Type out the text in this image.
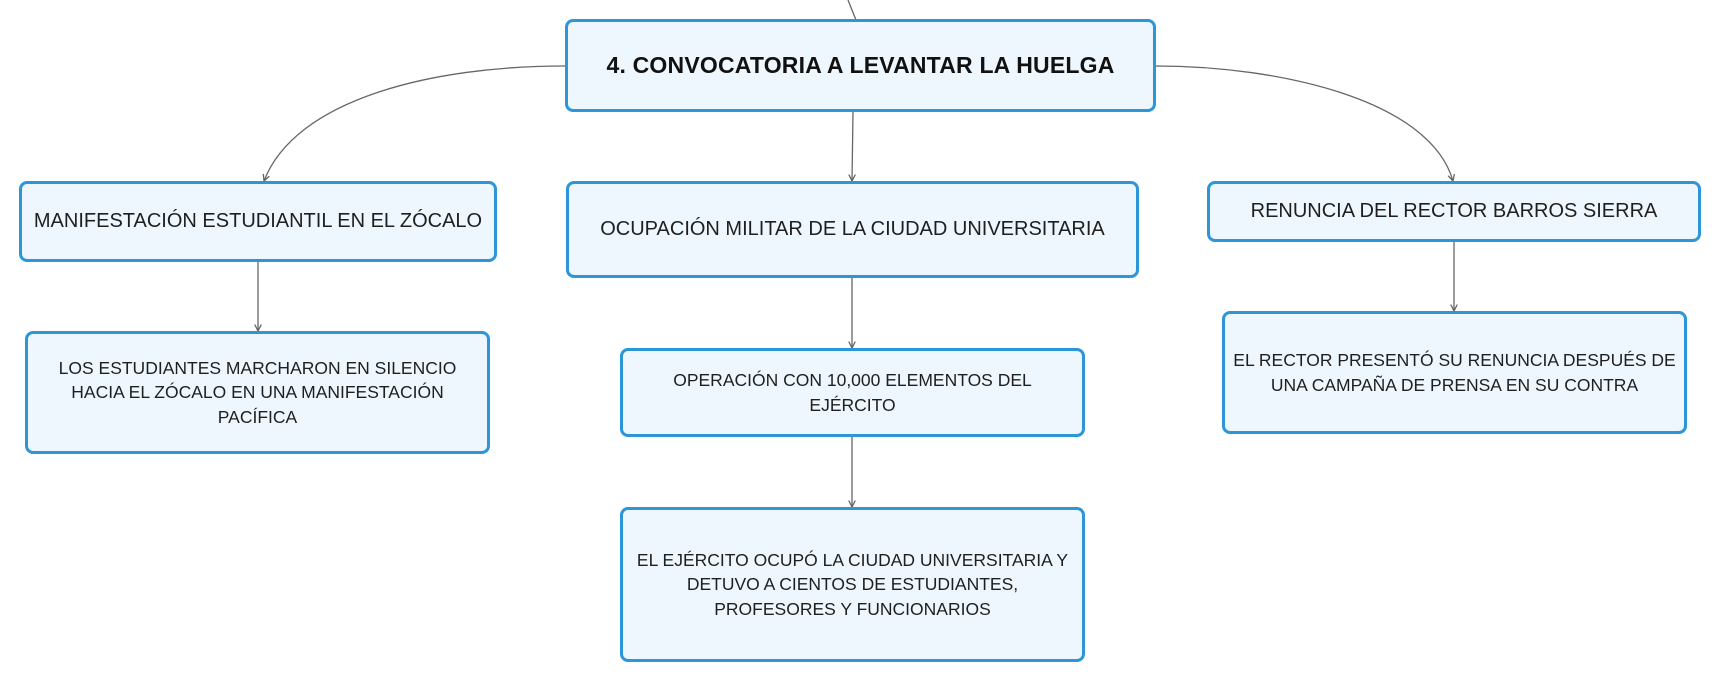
4. CONVOCATORIA A LEVANTAR LA HUELGA
MANIFESTACIÓN ESTUDIANTIL EN EL ZÓCALO	OCUPACIÓN MILITAR DE LA CIUDAD UNIVERSITARIA
RENUNCIA DEL RECTOR BARROS SIERRA
LOS ESTUDIANTES MARCHARON EN SILENCIO HACIA EL ZÓCALO EN UNA MANIFESTACIÓN PACÍFICA
OPERACIÓN CON 10,000 ELEMENTOS DEL EJÉRCITO
EL EJÉRCITO OCUPÓ LA CIUDAD UNIVERSITARIA Y DETUVO A CIENTOS DE ESTUDIANTES, PROFESORES Y FUNCIONARIOS
EL RECTOR PRESENTÓ SU RENUNCIA DESPUÉS DE UNA CAMPAÑA DE PRENSA EN SU CONTRA
